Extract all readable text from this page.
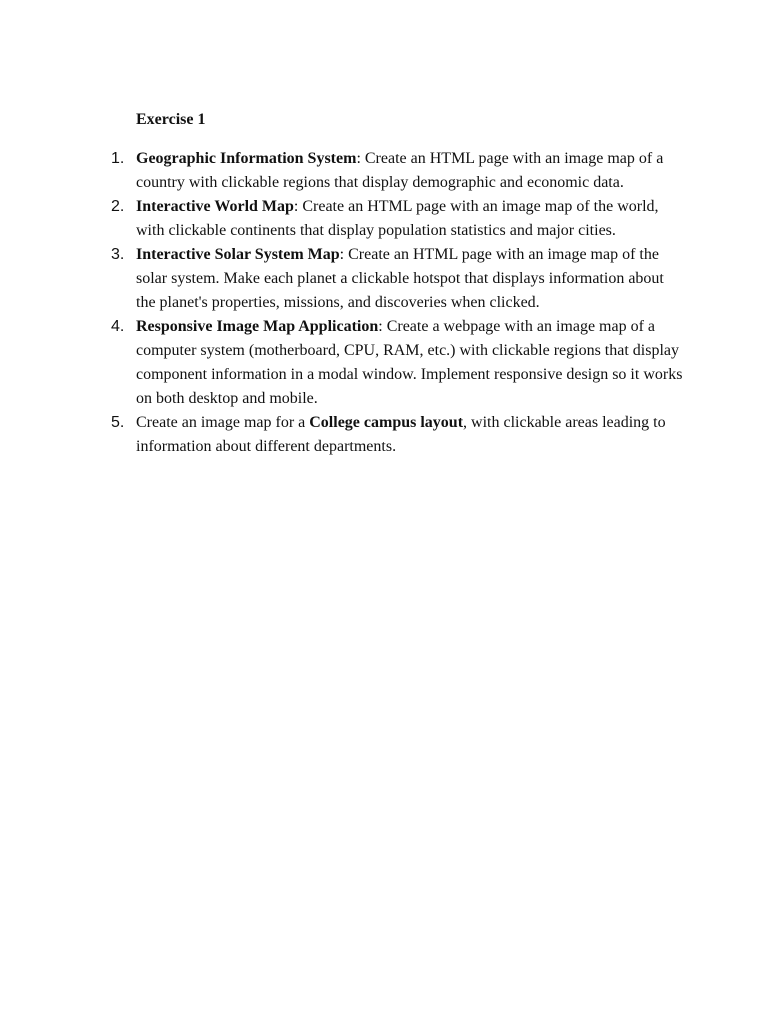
Exercise 1

1. Geographic Information System: Create an HTML page with an image map of a country with clickable regions that display demographic and economic data.
2. Interactive World Map: Create an HTML page with an image map of the world, with clickable continents that display population statistics and major cities.
3. Interactive Solar System Map: Create an HTML page with an image map of the solar system. Make each planet a clickable hotspot that displays information about the planet's properties, missions, and discoveries when clicked.
4. Responsive Image Map Application: Create a webpage with an image map of a computer system (motherboard, CPU, RAM, etc.) with clickable regions that display component information in a modal window. Implement responsive design so it works on both desktop and mobile.
5. Create an image map for a College campus layout, with clickable areas leading to information about different departments.
